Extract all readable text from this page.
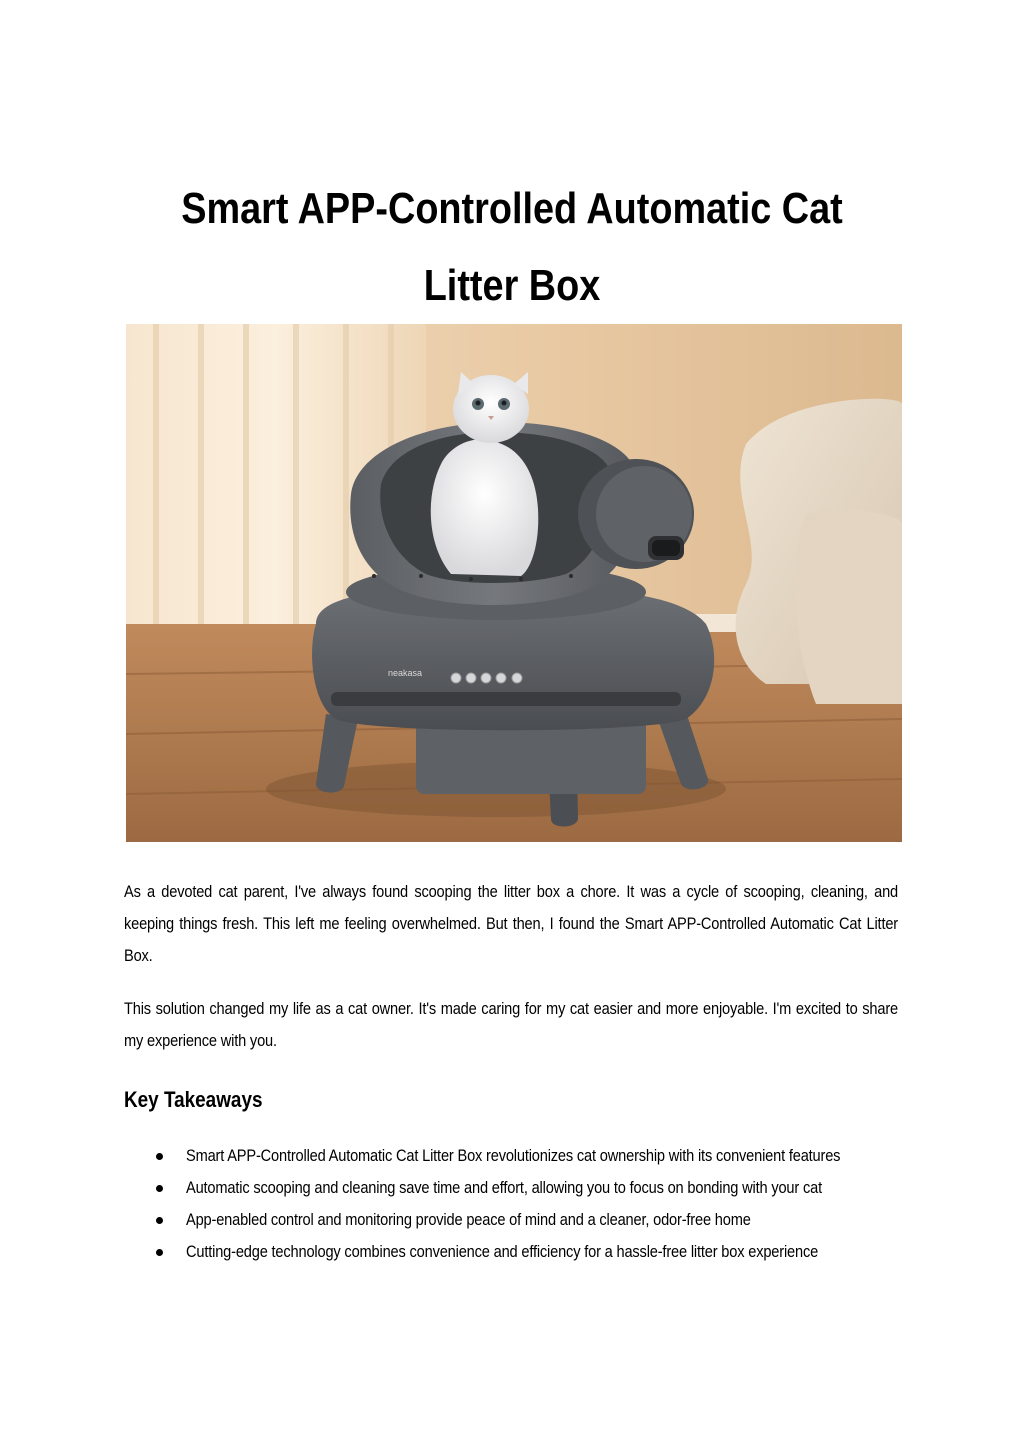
Smart APP-Controlled Automatic Cat Litter Box
neakasa

As a devoted cat parent, I've always found scooping the litter box a chore. It was a cycle of scooping, cleaning, and keeping things fresh. This left me feeling overwhelmed. But then, I found the Smart APP-Controlled Automatic Cat Litter Box.

This solution changed my life as a cat owner. It's made caring for my cat easier and more enjoyable. I'm excited to share my experience with you.

Key Takeaways
Smart APP-Controlled Automatic Cat Litter Box revolutionizes cat ownership with its convenient features
Automatic scooping and cleaning save time and effort, allowing you to focus on bonding with your cat
App-enabled control and monitoring provide peace of mind and a cleaner, odor-free home
Cutting-edge technology combines convenience and efficiency for a hassle-free litter box experience
